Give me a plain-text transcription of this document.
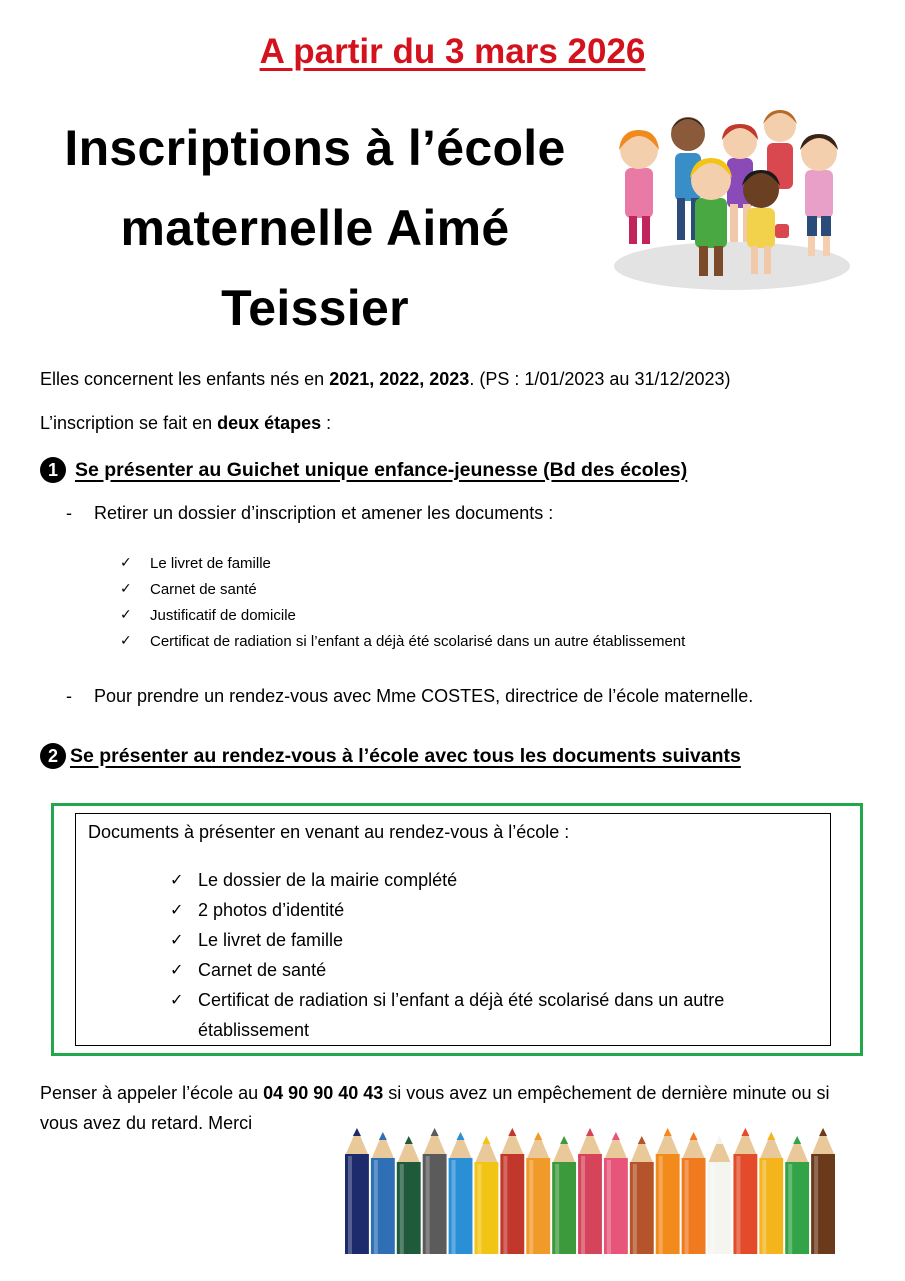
A partir du 3 mars 2026
Inscriptions à l’école maternelle Aimé Teissier
Elles concernent les enfants nés en 2021, 2022, 2023. (PS : 1/01/2023 au 31/12/2023)
L’inscription se fait en deux étapes :
1 Se présenter au Guichet unique enfance-jeunesse (Bd des écoles)
-	Retirer un dossier d’inscription et amener les documents :
✓	Le livret de famille
✓	Carnet de santé
✓	Justificatif de domicile
✓	Certificat de radiation si l’enfant a déjà été scolarisé dans un autre établissement
-	Pour prendre un rendez-vous avec Mme COSTES, directrice de l’école maternelle.
2 Se présenter au rendez-vous à l’école avec tous les documents suivants
Documents à présenter en venant au rendez-vous à l’école :
✓ Le dossier de la mairie complété
✓ 2 photos d’identité
✓ Le livret de famille
✓ Carnet de santé
✓ Certificat de radiation si l’enfant a déjà été scolarisé dans un autre établissement
Penser à appeler l’école au 04 90 90 40 43 si vous avez un empêchement de dernière minute ou si vous avez du retard. Merci
